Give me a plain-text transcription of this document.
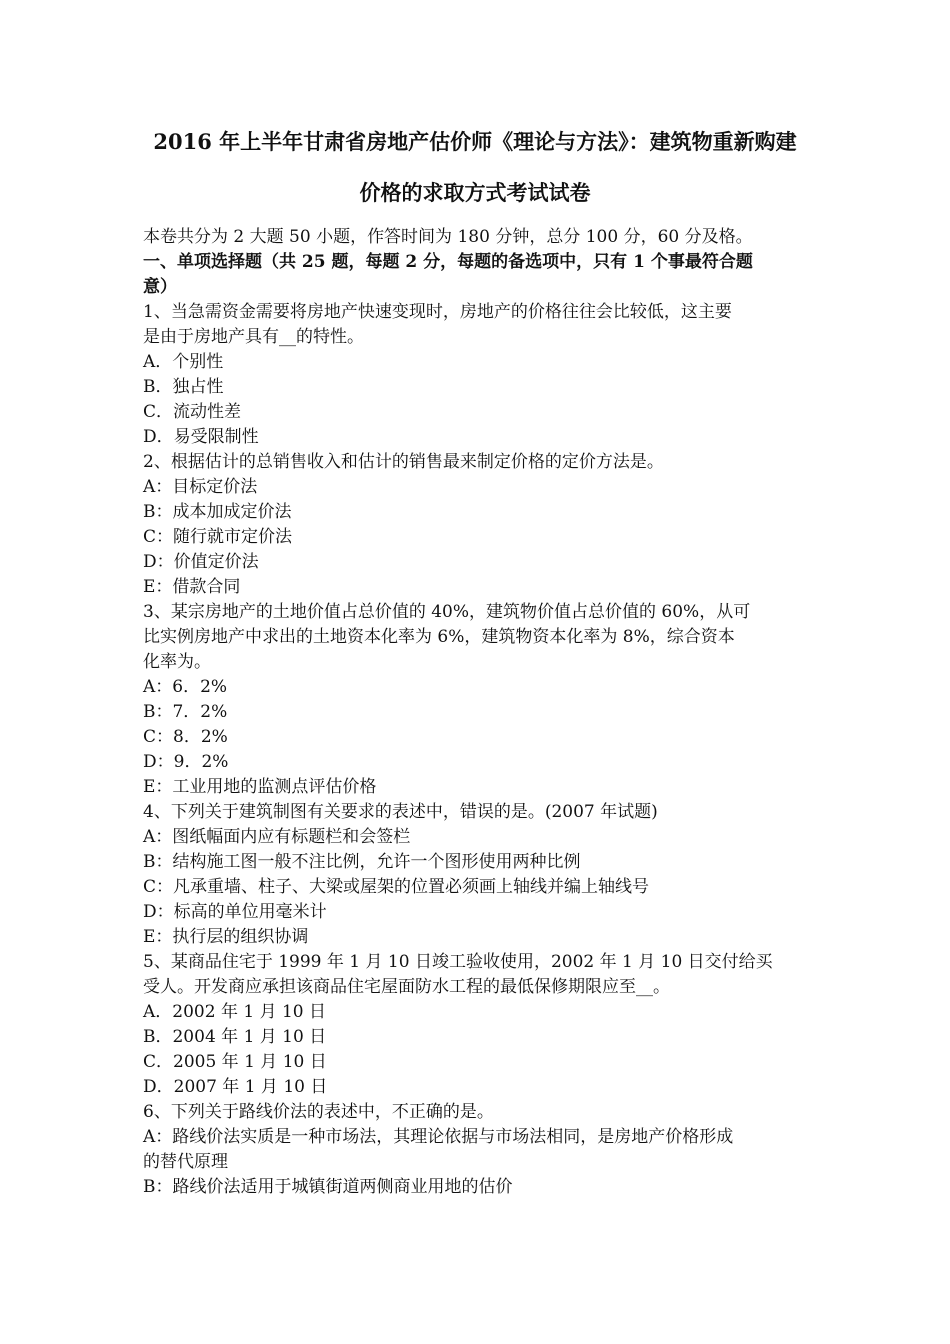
2016 年上半年甘肃省房地产估价师《理论与方法》：建筑物重新购建
价格的求取方式考试试卷
本卷共分为 2 大题 50 小题，作答时间为 180 分钟，总分 100 分，60 分及格。
一、单项选择题（共 25 题，每题 2 分，每题的备选项中，只有 1 个事最符合题
意）
1、当急需资金需要将房地产快速变现时，房地产的价格往往会比较低，这主要
是由于房地产具有__的特性。
A．个别性
B．独占性
C．流动性差
D．易受限制性
2、根据估计的总销售收入和估计的销售最来制定价格的定价方法是。
A：目标定价法
B：成本加成定价法
C：随行就市定价法
D：价值定价法
E：借款合同
3、某宗房地产的土地价值占总价值的 40%，建筑物价值占总价值的 60%，从可
比实例房地产中求出的土地资本化率为 6%，建筑物资本化率为 8%，综合资本
化率为。
A：6．2%
B：7．2%
C：8．2%
D：9．2%
E：工业用地的监测点评估价格
4、下列关于建筑制图有关要求的表述中，错误的是。(2007 年试题)
A：图纸幅面内应有标题栏和会签栏
B：结构施工图一般不注比例，允许一个图形使用两种比例
C：凡承重墙、柱子、大梁或屋架的位置必须画上轴线并编上轴线号
D：标高的单位用毫米计
E：执行层的组织协调
5、某商品住宅于 1999 年 1 月 10 日竣工验收使用，2002 年 1 月 10 日交付给买
受人。开发商应承担该商品住宅屋面防水工程的最低保修期限应至__。
A．2002 年 1 月 10 日
B．2004 年 1 月 10 日
C．2005 年 1 月 10 日
D．2007 年 1 月 10 日
6、下列关于路线价法的表述中，不正确的是。
A：路线价法实质是一种市场法，其理论依据与市场法相同，是房地产价格形成
的替代原理
B：路线价法适用于城镇街道两侧商业用地的估价
